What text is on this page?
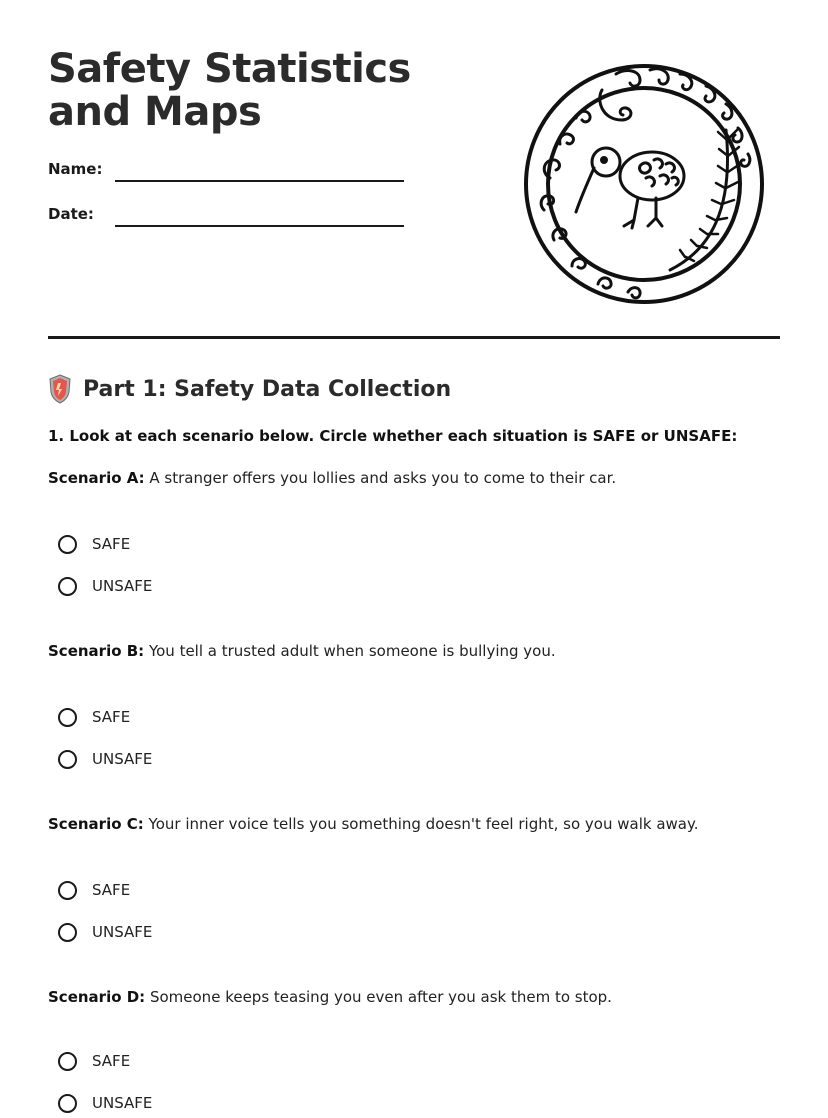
Safety Statistics and Maps
Name:
Date:
Part 1: Safety Data Collection
1. Look at each scenario below. Circle whether each situation is SAFE or UNSAFE:

Scenario A: A stranger offers you lollies and asks you to come to their car.

SAFE
UNSAFE

Scenario B: You tell a trusted adult when someone is bullying you.

SAFE
UNSAFE

Scenario C: Your inner voice tells you something doesn't feel right, so you walk away.

SAFE
UNSAFE

Scenario D: Someone keeps teasing you even after you ask them to stop.

SAFE
UNSAFE
